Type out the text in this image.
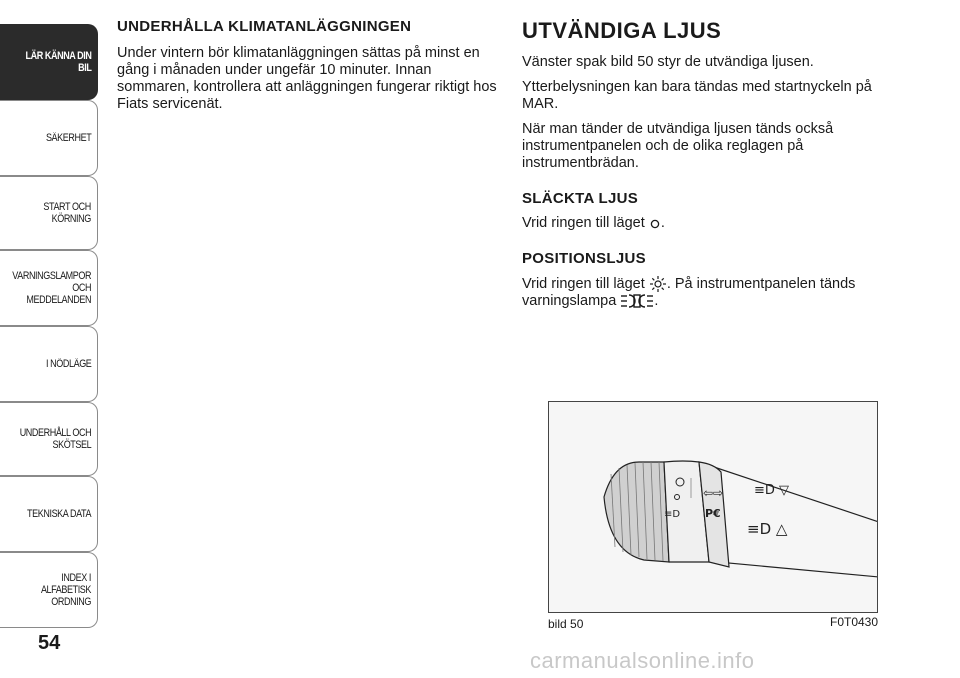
LÄR KÄNNA DIN
BIL
SÄKERHET
START OCH
KÖRNING
VARNINGSLAMPOR
OCH
MEDDELANDEN
I NÖDLÄGE
UNDERHÅLL OCH
SKÖTSEL
TEKNISKA DATA
INDEX I ALFABETISK
ORDNING
54
UNDERHÅLLA KLIMATANLÄGGNINGEN

Under vintern bör klimatanläggningen sättas på minst en gång i månaden under ungefär 10 minuter. Innan sommaren, kontrollera att anläggningen fungerar riktigt hos Fiats servicenät.

UTVÄNDIGA LJUS

Vänster spak bild 50 styr de utvändiga ljusen.

Ytterbelysningen kan bara tändas med startnyckeln på MAR.

När man tänder de utvändiga ljusen tänds också instrumentpanelen och de olika reglagen på instrumentbrädan.

SLÄCKTA LJUS

Vrid ringen till läget .

POSITIONSLJUS

Vrid ringen till läget . På instrumentpanelen tänds varningslampa .

≡D
⇦⇨
P€
≡D ▽
≡D △
bild 50	F0T0430
carmanualsonline.info
